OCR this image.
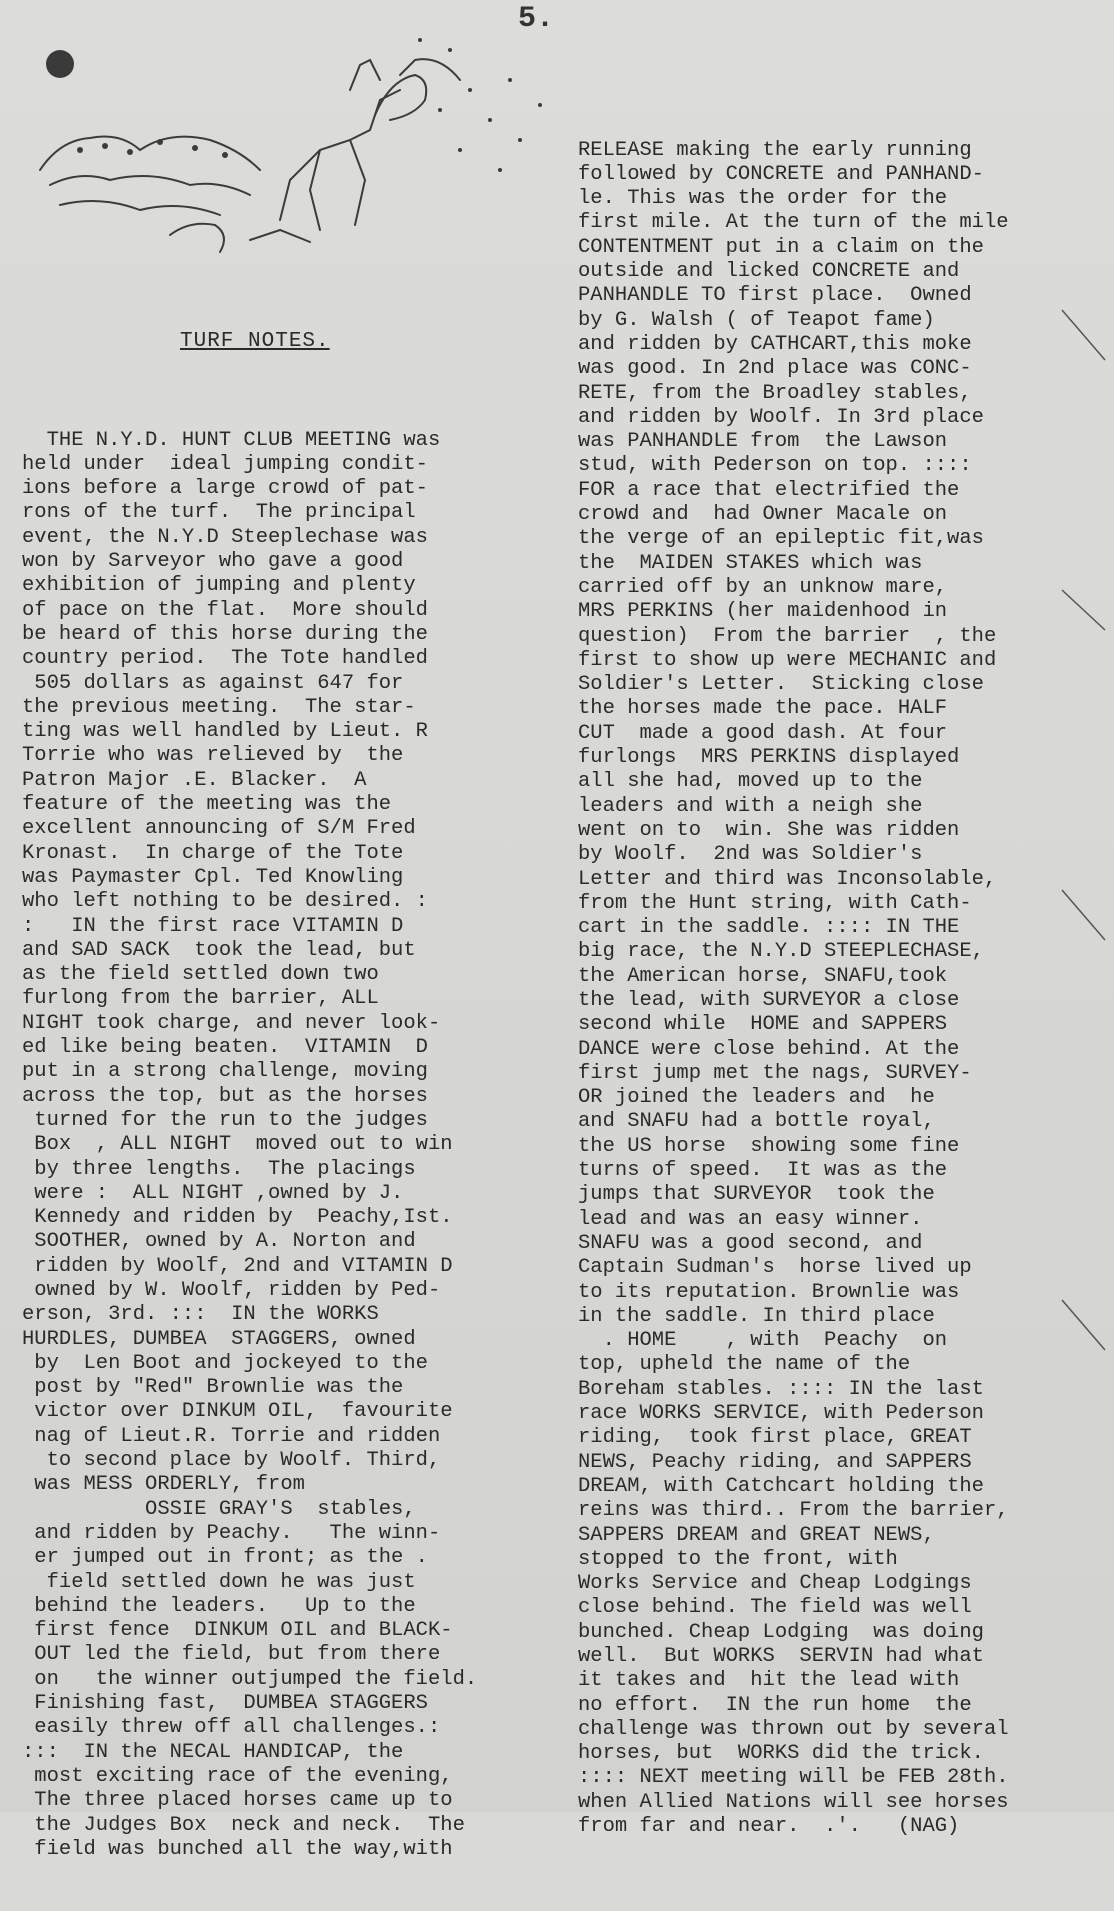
5.
TURF NOTES.

THE N.Y.D. HUNT CLUB MEETING was
held under  ideal jumping condit-
ions before a large crowd of pat-
rons of the turf.  The principal
event, the N.Y.D Steeplechase was
won by Sarveyor who gave a good
exhibition of jumping and plenty
of pace on the flat.  More should
be heard of this horse during the
country period.  The Tote handled
505 dollars as against 647 for
the previous meeting.  The star-
ting was well handled by Lieut. R
Torrie who was relieved by  the
Patron Major .E. Blacker.  A
feature of the meeting was the
excellent announcing of S/M Fred
Kronast.  In charge of the Tote
was Paymaster Cpl. Ted Knowling
who left nothing to be desired. :
:   IN the first race VITAMIN D
and SAD SACK  took the lead, but
as the field settled down two
furlong from the barrier, ALL
NIGHT took charge, and never look-
ed like being beaten.  VITAMIN  D
put in a strong challenge, moving
across the top, but as the horses
turned for the run to the judges
Box  , ALL NIGHT  moved out to win
by three lengths.  The placings
were :  ALL NIGHT ,owned by J.
Kennedy and ridden by  Peachy,Ist.
SOOTHER, owned by A. Norton and
ridden by Woolf, 2nd and VITAMIN D
owned by W. Woolf, ridden by Ped-
erson, 3rd. :::  IN the WORKS
HURDLES, DUMBEA  STAGGERS, owned
by  Len Boot and jockeyed to the
post by "Red" Brownlie was the
victor over DINKUM OIL,  favourite
nag of Lieut.R. Torrie and ridden
to second place by Woolf. Third,
was MESS ORDERLY, from
OSSIE GRAY'S  stables,
and ridden by Peachy.   The winn-
er jumped out in front; as the .
field settled down he was just
behind the leaders.   Up to the
first fence  DINKUM OIL and BLACK-
OUT led the field, but from there
on   the winner outjumped the field.
Finishing fast,  DUMBEA STAGGERS
easily threw off all challenges.:
:::  IN the NECAL HANDICAP, the
most exciting race of the evening,
The three placed horses came up to
the Judges Box  neck and neck.  The
field was bunched all the way,with

RELEASE making the early running
followed by CONCRETE and PANHAND-
le. This was the order for the
first mile. At the turn of the mile
CONTENTMENT put in a claim on the
outside and licked CONCRETE and
PANHANDLE TO first place.  Owned
by G. Walsh ( of Teapot fame)
and ridden by CATHCART,this moke
was good. In 2nd place was CONC-
RETE, from the Broadley stables,
and ridden by Woolf. In 3rd place
was PANHANDLE from  the Lawson
stud, with Pederson on top. ::::
FOR a race that electrified the
crowd and  had Owner Macale on
the verge of an epileptic fit,was
the  MAIDEN STAKES which was
carried off by an unknow mare,
MRS PERKINS (her maidenhood in
question)  From the barrier  , the
first to show up were MECHANIC and
Soldier's Letter.  Sticking close
the horses made the pace. HALF
CUT  made a good dash. At four
furlongs  MRS PERKINS displayed
all she had, moved up to the
leaders and with a neigh she
went on to  win. She was ridden
by Woolf.  2nd was Soldier's
Letter and third was Inconsolable,
from the Hunt string, with Cath-
cart in the saddle. :::: IN THE
big race, the N.Y.D STEEPLECHASE,
the American horse, SNAFU,took
the lead, with SURVEYOR a close
second while  HOME and SAPPERS
DANCE were close behind. At the
first jump met the nags, SURVEY-
OR joined the leaders and  he
and SNAFU had a bottle royal,
the US horse  showing some fine
turns of speed.  It was as the
jumps that SURVEYOR  took the
lead and was an easy winner.
SNAFU was a good second, and
Captain Sudman's  horse lived up
to its reputation. Brownlie was
in the saddle. In third place
. HOME    , with  Peachy  on
top, upheld the name of the
Boreham stables. :::: IN the last
race WORKS SERVICE, with Pederson
riding,  took first place, GREAT
NEWS, Peachy riding, and SAPPERS
DREAM, with Catchcart holding the
reins was third.. From the barrier,
SAPPERS DREAM and GREAT NEWS,
stopped to the front, with
Works Service and Cheap Lodgings
close behind. The field was well
bunched. Cheap Lodging  was doing
well.  But WORKS  SERVIN had what
it takes and  hit the lead with
no effort.  IN the run home  the
challenge was thrown out by several
horses, but  WORKS did the trick.
:::: NEXT meeting will be FEB 28th.
when Allied Nations will see horses
from far and near.  .'.   (NAG)
